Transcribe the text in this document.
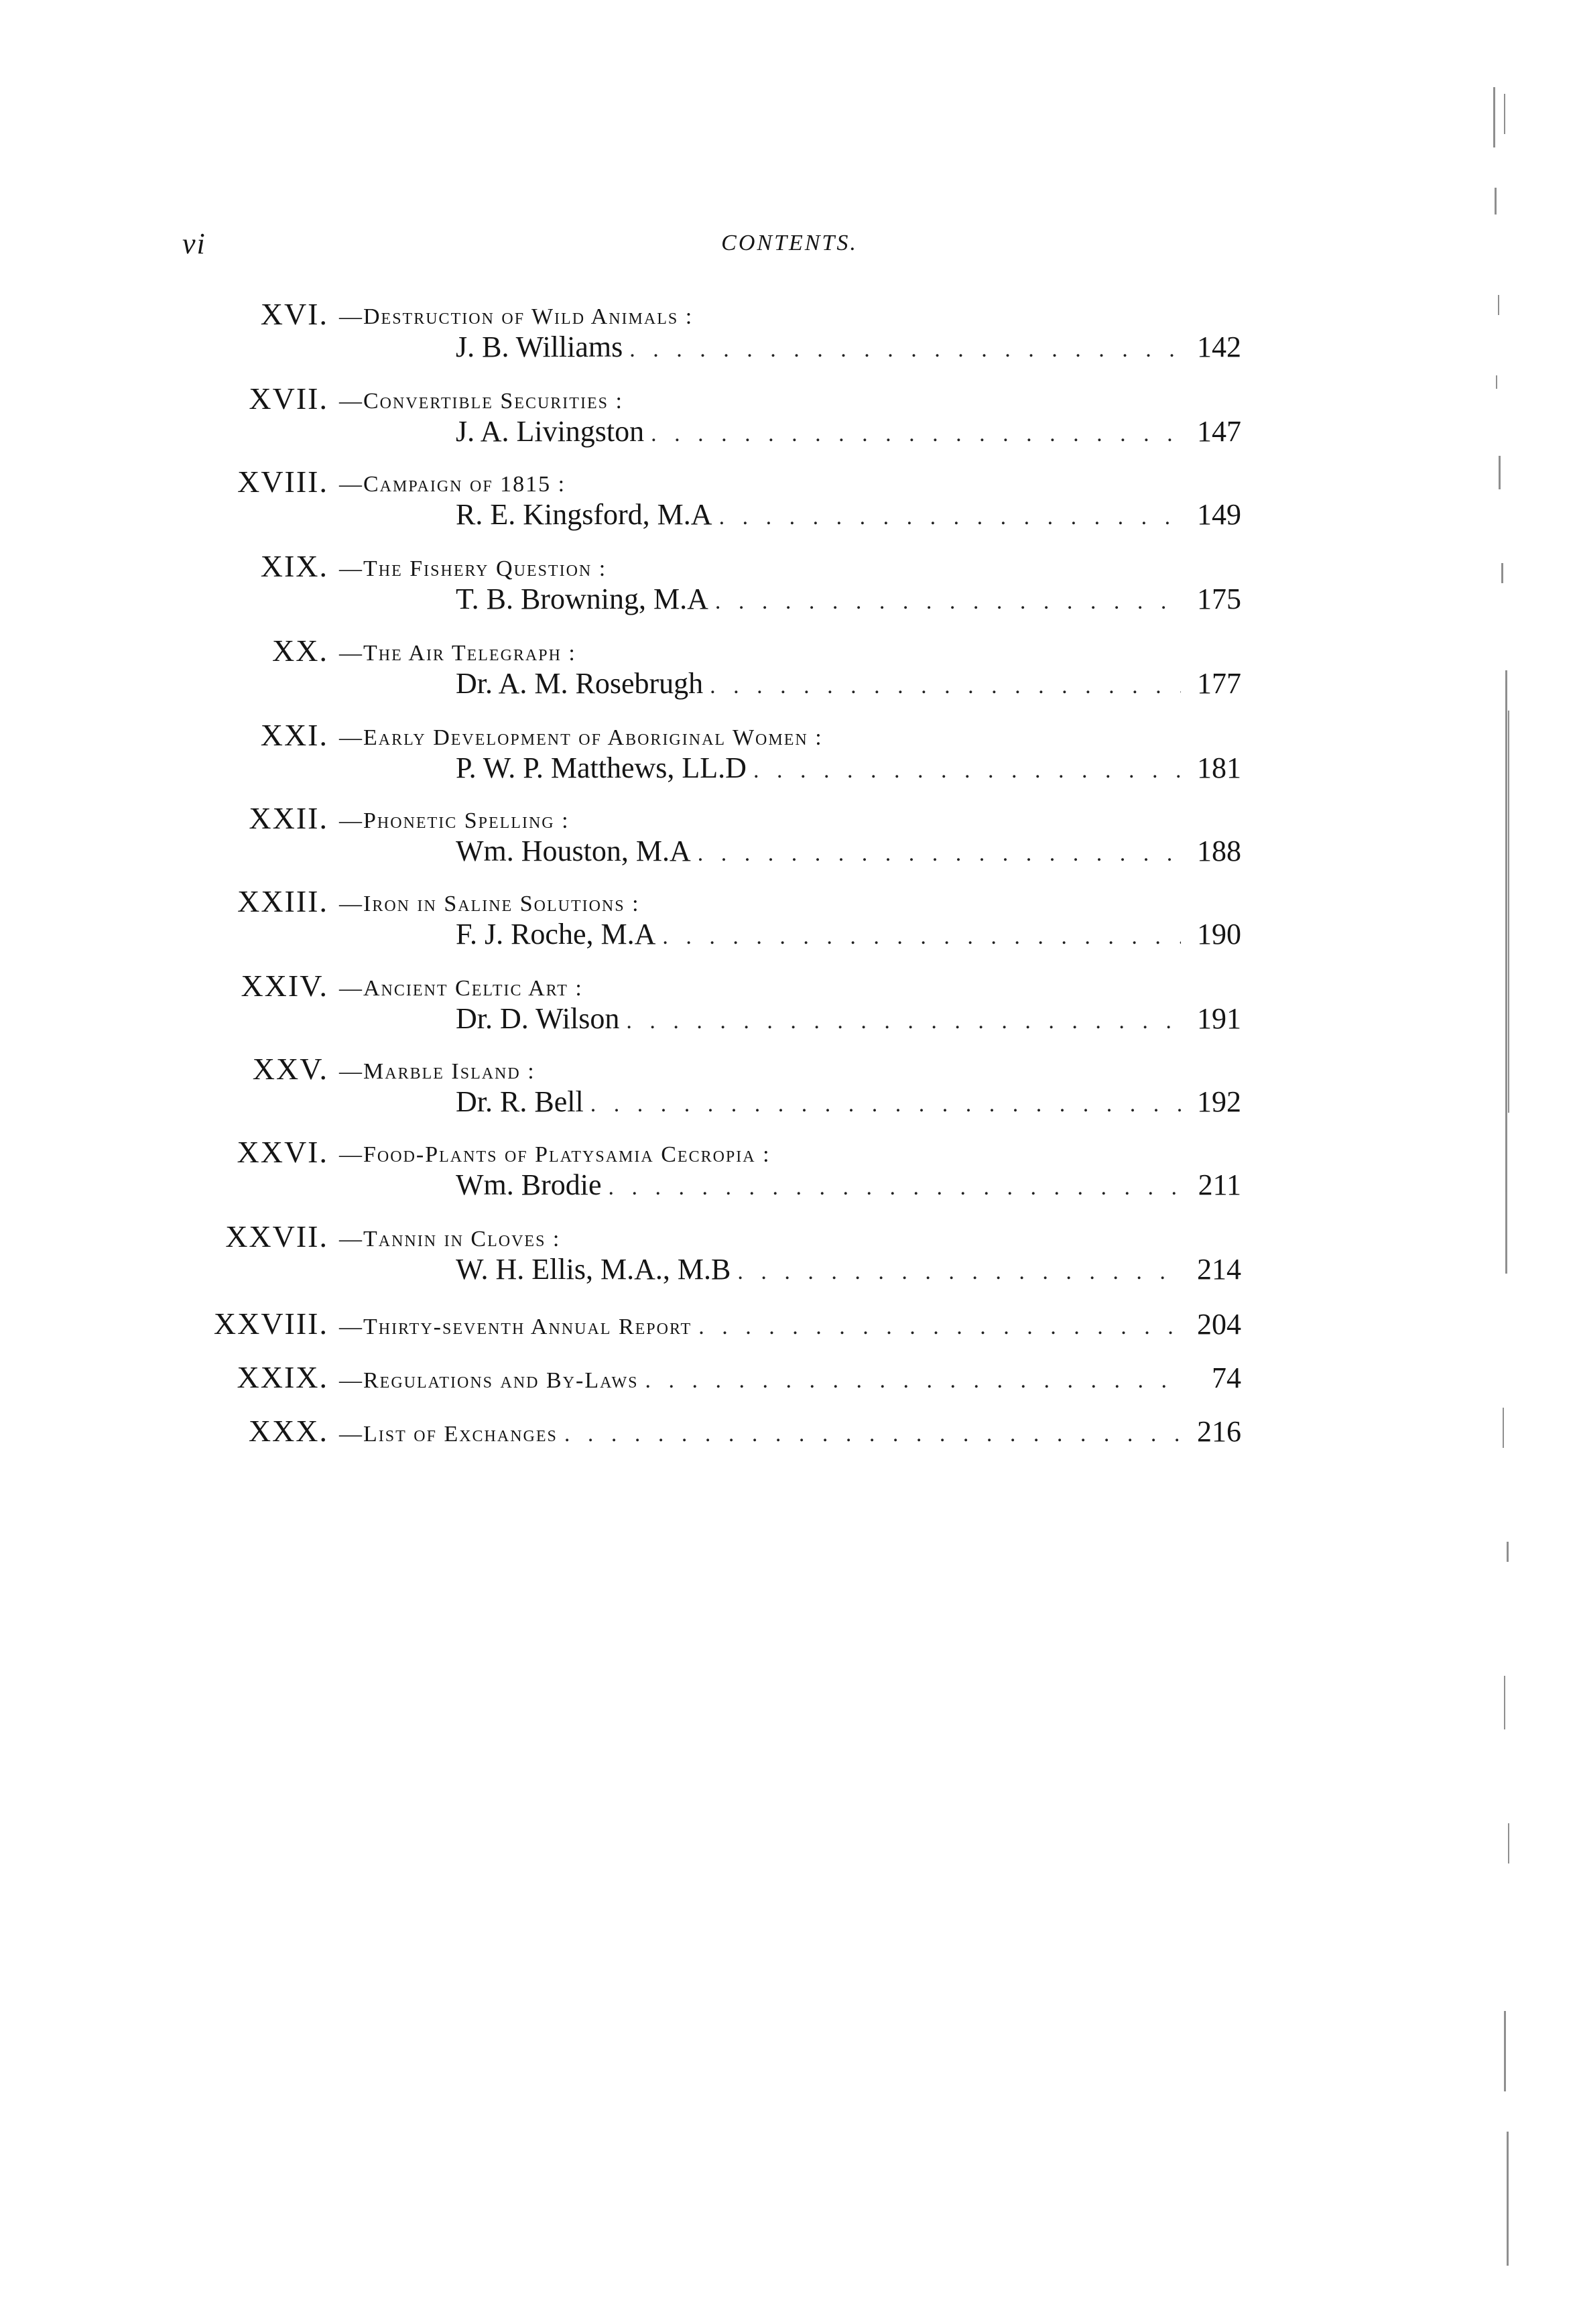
vi	CONTENTS.
XVI. —Destruction of Wild Animals :
J. B. Williams . . .	142
XVII. —Convertible Securities :
J. A. Livingston . . .	147
XVIII. —Campaign of 1815 :
R. E. Kingsford, M.A . . .	149
XIX. —The Fishery Question :
T. B. Browning, M.A . . .	175
XX. —The Air Telegraph :
Dr. A. M. Rosebrugh . . .	177
XXI. —Early Development of Aboriginal Women :
P. W. P. Matthews, LL.D . . .	181
XXII. —Phonetic Spelling :
Wm. Houston, M.A . . .	188
XXIII. —Iron in Saline Solutions :
F. J. Roche, M.A . . .	190
XXIV. —Ancient Celtic Art :
Dr. D. Wilson . . .	191
XXV. —Marble Island :
Dr. R. Bell . . .	192
XXVI. —Food-Plants of Platysamia Cecropia :
Wm. Brodie . . .	211
XXVII. —Tannin in Cloves :
W. H. Ellis, M.A., M.B . . .	214
XXVIII. —Thirty-seventh Annual Report . . .	204
XXIX. —Regulations and By-Laws . . .	74
XXX. —List of Exchanges . . .	216
